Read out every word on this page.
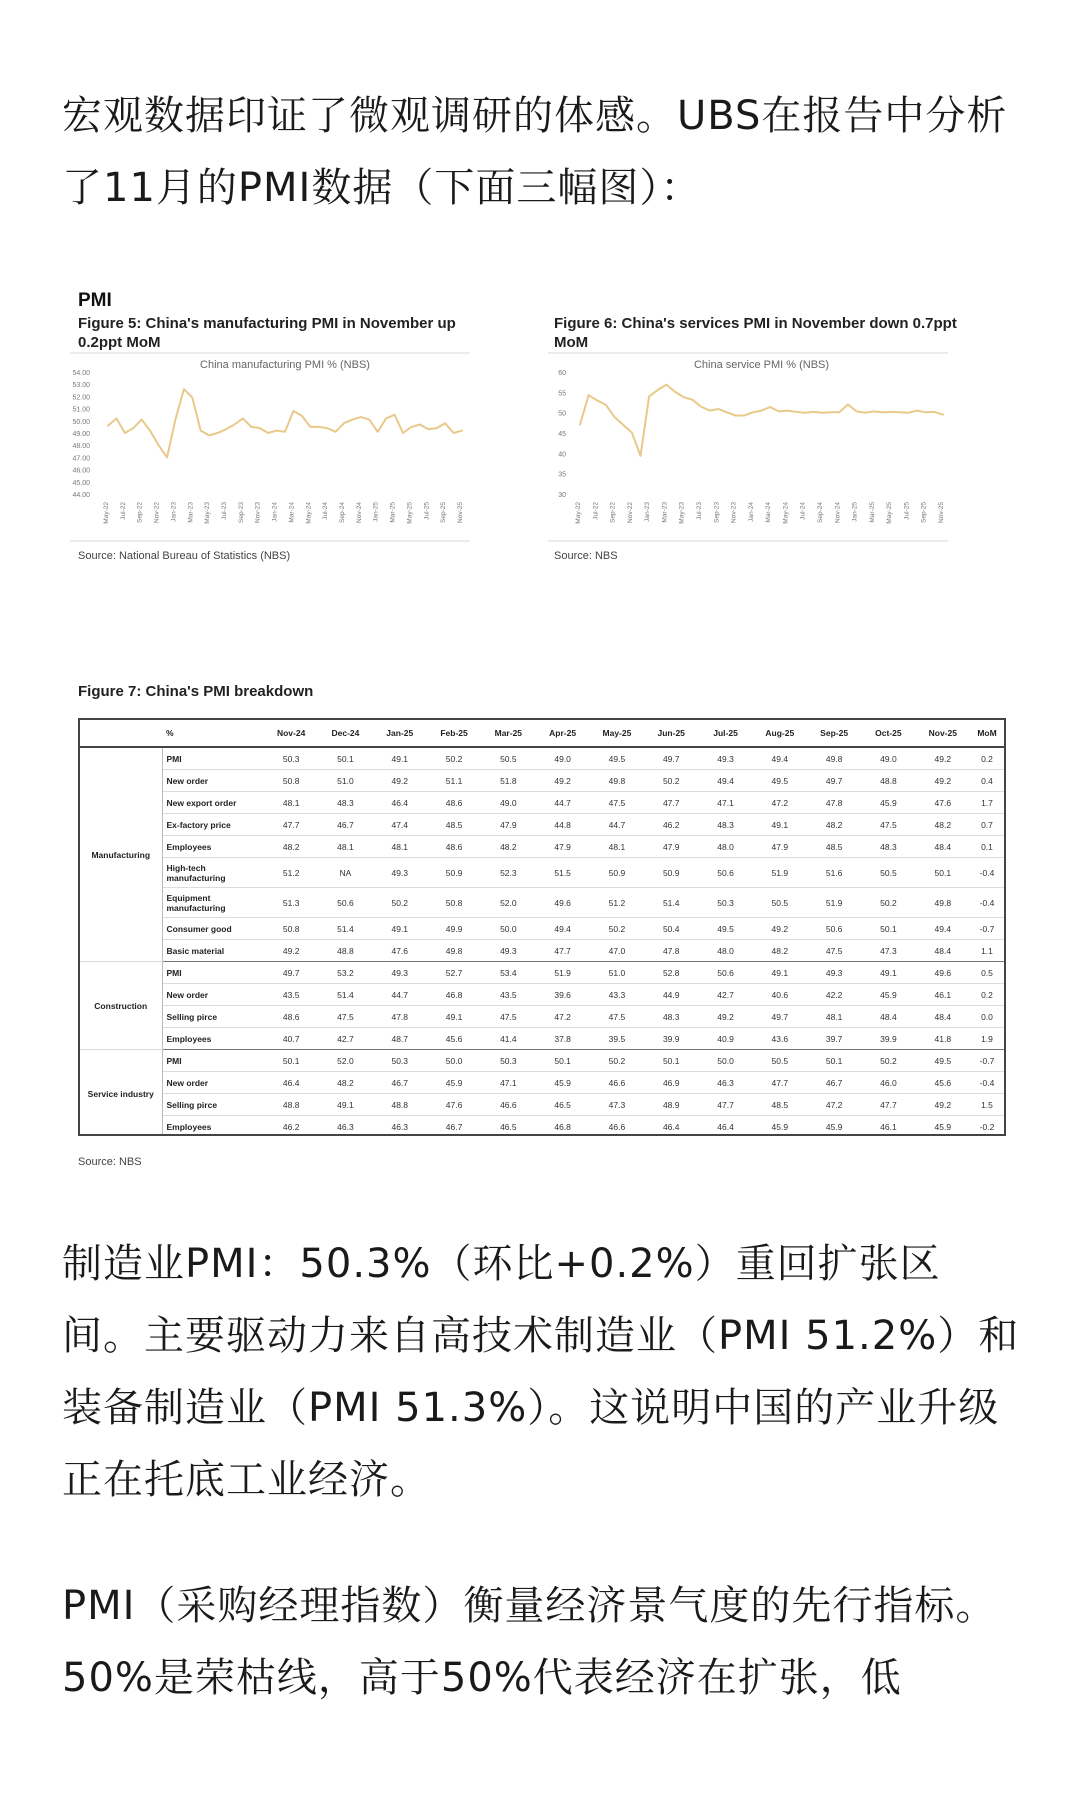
宏观数据印证了微观调研的体感。UBS在报告中分析了11月的PMI数据（下面三幅图）：

PMI
Figure 5: China's manufacturing PMI in November up 0.2ppt MoM
China manufacturing PMI % (NBS)
54.00
53.00
52.00
51.00
50.00
49.00
48.00
47.00
46.00
45.00
44.00
May-22 Jul-22 Sep-22 Nov-22 Jan-23 Mar-23 May-23 Jul-23 Sep-23 Nov-23 Jan-24 Mar-24 May-24 Jul-24 Sep-24 Nov-24 Jan-25 Mar-25 May-25 Jul-25 Sep-25 Nov-25
Source: National Bureau of Statistics (NBS)
Figure 6: China's services PMI in November down 0.7ppt MoM
China service PMI % (NBS)
60
55
50
45
40
35
30
May-22 Jul-22 Sep-22 Nov-22 Jan-23 Mar-23 May-23 Jul-23 Sep-23 Nov-23 Jan-24 Mar-24 May-24 Jul-24 Sep-24 Nov-24 Jan-25 Mar-25 May-25 Jul-25 Sep-25 Nov-25
Source: NBS
Figure 7: China's PMI breakdown
	%	Nov-24	Dec-24	Jan-25	Feb-25	Mar-25	Apr-25	May-25	Jun-25	Jul-25	Aug-25	Sep-25	Oct-25	Nov-25	MoM
Manufacturing	PMI	50.3	50.1	49.1	50.2	50.5	49.0	49.5	49.7	49.3	49.4	49.8	49.0	49.2	0.2
	New order	50.8	51.0	49.2	51.1	51.8	49.2	49.8	50.2	49.4	49.5	49.7	48.8	49.2	0.4
	New export order	48.1	48.3	46.4	48.6	49.0	44.7	47.5	47.7	47.1	47.2	47.8	45.9	47.6	1.7
	Ex-factory price	47.7	46.7	47.4	48.5	47.9	44.8	44.7	46.2	48.3	49.1	48.2	47.5	48.2	0.7
	Employees	48.2	48.1	48.1	48.6	48.2	47.9	48.1	47.9	48.0	47.9	48.5	48.3	48.4	0.1
	High-tech manufacturing	51.2	NA	49.3	50.9	52.3	51.5	50.9	50.9	50.6	51.9	51.6	50.5	50.1	-0.4
	Equipment manufacturing	51.3	50.6	50.2	50.8	52.0	49.6	51.2	51.4	50.3	50.5	51.9	50.2	49.8	-0.4
	Consumer good	50.8	51.4	49.1	49.9	50.0	49.4	50.2	50.4	49.5	49.2	50.6	50.1	49.4	-0.7
	Basic material	49.2	48.8	47.6	49.8	49.3	47.7	47.0	47.8	48.0	48.2	47.5	47.3	48.4	1.1
Construction	PMI	49.7	53.2	49.3	52.7	53.4	51.9	51.0	52.8	50.6	49.1	49.3	49.1	49.6	0.5
	New order	43.5	51.4	44.7	46.8	43.5	39.6	43.3	44.9	42.7	40.6	42.2	45.9	46.1	0.2
	Selling pirce	48.6	47.5	47.8	49.1	47.5	47.2	47.5	48.3	49.2	49.7	48.1	48.4	48.4	0.0
	Employees	40.7	42.7	48.7	45.6	41.4	37.8	39.5	39.9	40.9	43.6	39.7	39.9	41.8	1.9
Service industry	PMI	50.1	52.0	50.3	50.0	50.3	50.1	50.2	50.1	50.0	50.5	50.1	50.2	49.5	-0.7
	New order	46.4	48.2	46.7	45.9	47.1	45.9	46.6	46.9	46.3	47.7	46.7	46.0	45.6	-0.4
	Selling pirce	48.8	49.1	48.8	47.6	46.6	46.5	47.3	48.9	47.7	48.5	47.2	47.7	49.2	1.5
	Employees	46.2	46.3	46.3	46.7	46.5	46.8	46.6	46.4	46.4	45.9	45.9	46.1	45.9	-0.2
Source: NBS

制造业PMI：50.3%（环比+0.2%）重回扩张区间。主要驱动力来自高技术制造业（PMI 51.2%）和装备制造业（PMI 51.3%）。这说明中国的产业升级正在托底工业经济。

PMI（采购经理指数）衡量经济景气度的先行指标。50%是荣枯线，高于50%代表经济在扩张，低
